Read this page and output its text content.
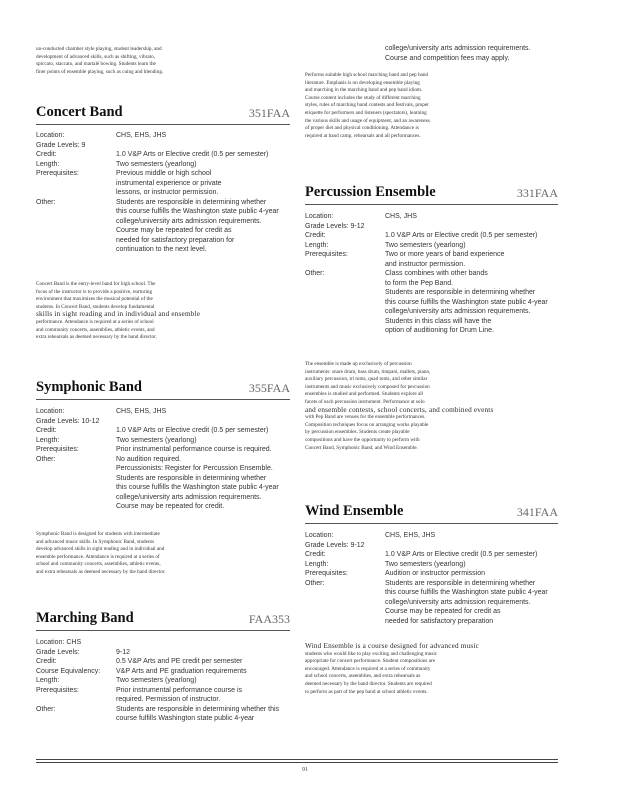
un-conducted chamber style playing, student leadership, and

development of advanced skills, such as shifting, vibrato,

spiccato, staccato, and martalé bowing. Students learn the

finer points of ensemble playing, such as cuing and blending.

Concert Band	351FAA
Location:	CHS, EHS, JHS
Grade Levels: 9
Credit:	1.0 V&P Arts or Elective credit (0.5 per semester)
Length:	Two semesters (yearlong)
Prerequisites:	Previous middle or high school
instrumental experience or private
lessons, or instructor permission.
Other:	Students are responsible in determining whether
this course fulfills the Washington state public 4-year
college/university arts admission requirements.
Course may be repeated for credit as
needed for satisfactory preparation for
continuation to the next level.

Concert Band is the entry-level band for high school. The

focus of the instructor is to provide a positive, nurturing

environment that maximizes the musical potential of the

students. In Concert Band, students develop fundamental

skills in sight reading and in individual and ensemble

performance. Attendance is required at a series of school

and community concerts, assemblies, athletic events, and

extra rehearsals as deemed necessary by the band director.

Symphonic Band	355FAA
Location:	CHS, EHS, JHS
Grade Levels: 10-12
Credit:	1.0 V&P Arts or Elective credit (0.5 per semester)
Length:	Two semesters (yearlong)
Prerequisites:	Prior instrumental performance course is required.
Other:	No audition required.
Percussionists: Register for Percussion Ensemble.
Students are responsible in determining whether
this course fulfills the Washington state public 4-year
college/university arts admission requirements.
Course may be repeated for credit.

Symphonic Band is designed for students with intermediate

and advanced music skills. In Symphonic Band, students

develop advanced skills in sight reading and in individual and

ensemble performance. Attendance is required at a series of

school and community concerts, assemblies, athletic events,

and extra rehearsals as deemed necessary by the band director.

Marching Band	FAA353
Location: CHS
Grade Levels:	9-12
Credit:	0.5 V&P Arts and PE credit per semester
Course Equivalency:	V&P Arts and PE graduation requirements
Length:	Two semesters (yearlong)
Prerequisites:	Prior instrumental performance course is
required. Permission of instructor.
Other:	Students are responsible in determining whether this
course fulfills Washington state public 4-year
college/university arts admission requirements.
Course and competition fees may apply.

Performs suitable high school marching band and pep band

literature. Emphasis is on developing ensemble playing

and marching in the marching band and pep band idiom.

Course content includes the study of different marching

styles, rules of marching band contests and festivals, proper

etiquette for performers and listeners (spectators), learning

the various skills and usage of equipment, and an awareness

of proper diet and physical conditioning. Attendance is

required at band camp, rehearsals and all performances.

Percussion Ensemble	331FAA
Location:	CHS, JHS
Grade Levels: 9-12
Credit:	1.0 V&P Arts or Elective credit (0.5 per semester)
Length:	Two semesters (yearlong)
Prerequisites:	Two or more years of band experience
and instructor permission.
Other:	Class combines with other bands
to form the Pep Band.
Students are responsible in determining whether
this course fulfills the Washington state public 4-year
college/university arts admission requirements.
Students in this class will have the
option of auditioning for Drum Line.

The ensemble is made up exclusively of percussion

instruments: snare drum, bass drum, timpani, mallets, piano,

auxiliary percussion, tri toms, quad toms, and other similar

instruments and music exclusively composed for percussion

ensembles is studied and performed. Students explore all

facets of each percussion instrument. Performance at solo

and ensemble contests, school concerts, and combined events

with Pep Band are venues for the ensemble performances.

Composition techniques focus on arranging works playable

by percussion ensembles. Students create playable

compositions and have the opportunity to perform with

Concert Band, Symphonic Band, and Wind Ensemble.

Wind Ensemble	341FAA
Location:	CHS, EHS, JHS
Grade Levels: 9-12
Credit:	1.0 V&P Arts or Elective credit (0.5 per semester)
Length:	Two semesters (yearlong)
Prerequisites:	Audition or instructor permission
Other:	Students are responsible in determining whether
this course fulfills the Washington state public 4-year
college/university arts admission requirements.
Course may be repeated for credit as
needed for satisfactory preparation

Wind Ensemble is a course designed for advanced music

students who would like to play exciting and challenging music

appropriate for concert performance. Student compositions are

encouraged. Attendance is required at a series of community

and school concerts, assemblies, and extra rehearsals as

deemed necessary by the band director. Students are required

to perform as part of the pep band at school athletic events.

91
